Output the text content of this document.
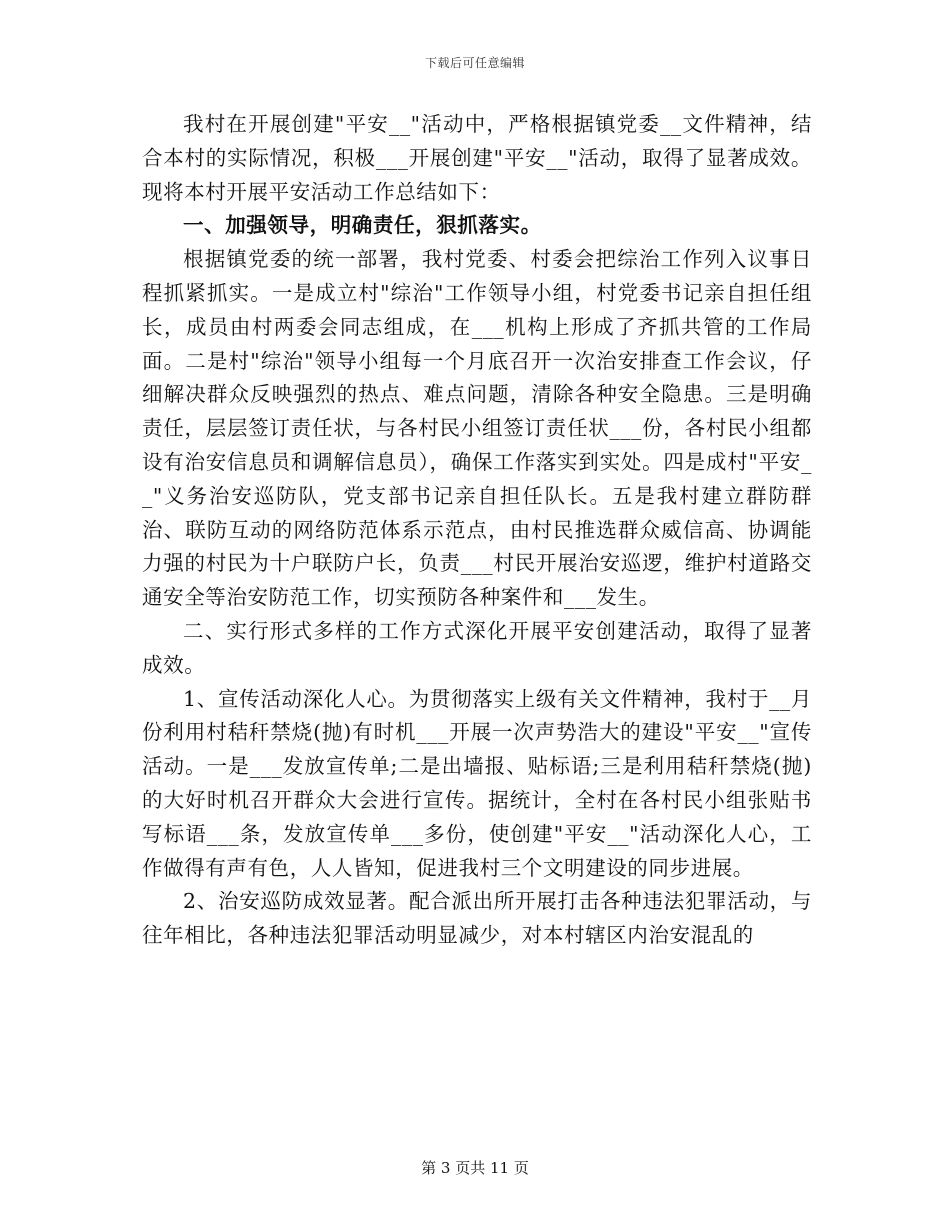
下载后可任意编辑

我村在开展创建"平安__"活动中，严格根据镇党委__文件精神，结合本村的实际情况，积极___开展创建"平安__"活动，取得了显著成效。现将本村开展平安活动工作总结如下：

一、加强领导，明确责任，狠抓落实。

根据镇党委的统一部署，我村党委、村委会把综治工作列入议事日程抓紧抓实。一是成立村"综治"工作领导小组，村党委书记亲自担任组长，成员由村两委会同志组成，在___机构上形成了齐抓共管的工作局面。二是村"综治"领导小组每一个月底召开一次治安排查工作会议，仔细解决群众反映强烈的热点、难点问题，清除各种安全隐患。三是明确责任，层层签订责任状，与各村民小组签订责任状___份，各村民小组都设有治安信息员和调解信息员），确保工作落实到实处。四是成村"平安__"义务治安巡防队，党支部书记亲自担任队长。五是我村建立群防群治、联防互动的网络防范体系示范点，由村民推选群众威信高、协调能力强的村民为十户联防户长，负责___村民开展治安巡逻，维护村道路交通安全等治安防范工作，切实预防各种案件和___发生。

二、实行形式多样的工作方式深化开展平安创建活动，取得了显著成效。

1、宣传活动深化人心。为贯彻落实上级有关文件精神，我村于__月份利用村秸秆禁烧(抛)有时机___开展一次声势浩大的建设"平安__"宣传活动。一是___发放宣传单;二是出墙报、贴标语;三是利用秸秆禁烧(抛)的大好时机召开群众大会进行宣传。据统计，全村在各村民小组张贴书写标语___条，发放宣传单___多份，使创建"平安__"活动深化人心，工作做得有声有色，人人皆知，促进我村三个文明建设的同步进展。

2、治安巡防成效显著。配合派出所开展打击各种违法犯罪活动，与往年相比，各种违法犯罪活动明显减少，对本村辖区内治安混乱的

第 3 页共 11 页
